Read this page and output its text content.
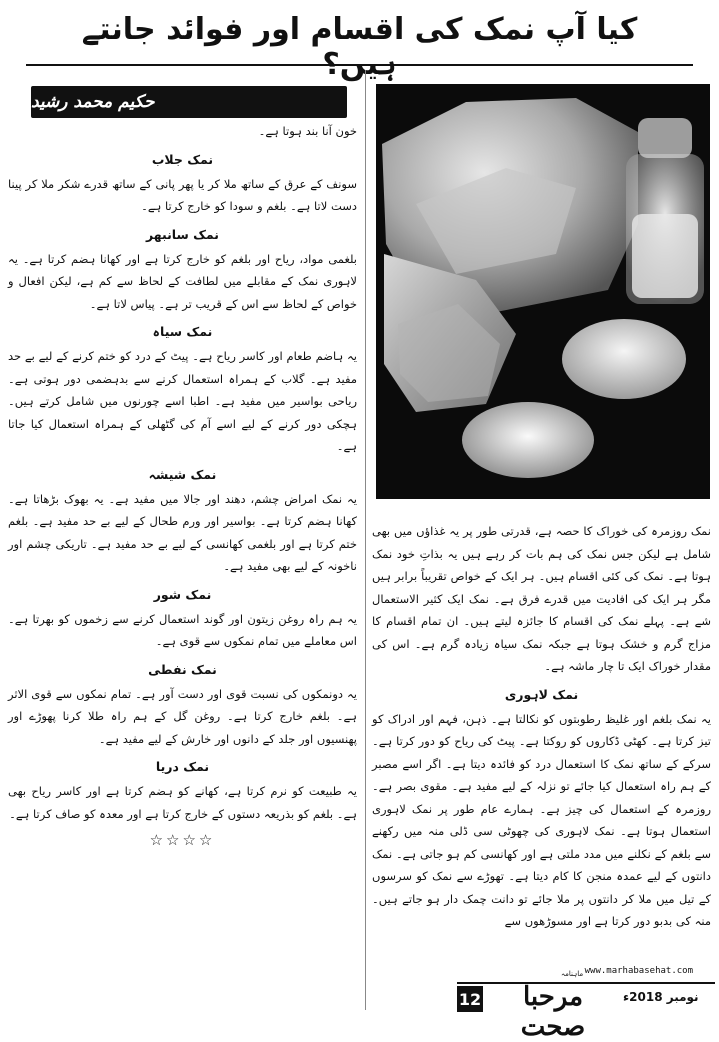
کیا آپ نمک کی اقسام اور فوائد جانتے ہیں؟
حکیم محمد رشید

خون آنا بند ہوتا ہے۔

نمک جلاب

سونف کے عرق کے ساتھ ملا کر یا پھر پانی کے ساتھ قدرے شکر ملا کر پینا دست لاتا ہے۔ بلغم و سودا کو خارج کرتا ہے۔

نمک سانبھر

بلغمی مواد، ریاح اور بلغم کو خارج کرتا ہے اور کھانا ہضم کرتا ہے۔ یہ لاہوری نمک کے مقابلے میں لطافت کے لحاظ سے کم ہے، لیکن افعال و خواص کے لحاظ سے اس کے قریب تر ہے۔ پیاس لاتا ہے۔

نمک سیاہ

یہ ہاضم طعام اور کاسر ریاح ہے۔ پیٹ کے درد کو ختم کرنے کے لیے بے حد مفید ہے۔ گلاب کے ہمراہ استعمال کرنے سے بدہضمی دور ہوتی ہے۔ ریاحی بواسیر میں مفید ہے۔ اطبا اسے چورنوں میں شامل کرتے ہیں۔ ہچکی دور کرنے کے لیے اسے آم کی گٹھلی کے ہمراہ استعمال کیا جاتا ہے۔

نمک شیشہ

یہ نمک امراض چشم، دھند اور جالا میں مفید ہے۔ یہ بھوک بڑھاتا ہے۔ کھانا ہضم کرتا ہے۔ بواسیر اور ورم طحال کے لیے بے حد مفید ہے۔ بلغم ختم کرتا ہے اور بلغمی کھانسی کے لیے بے حد مفید ہے۔ تاریکی چشم اور ناخونہ کے لیے بھی مفید ہے۔

نمک شور

یہ ہم راہ روغن زیتون اور گوند استعمال کرنے سے زخموں کو بھرتا ہے۔ اس معاملے میں تمام نمکوں سے قوی ہے۔

نمک نفطی

یہ دونمکوں کی نسبت قوی اور دست آور ہے۔ تمام نمکوں سے قوی الاثر ہے۔ بلغم خارج کرتا ہے۔ روغن گل کے ہم راہ طلا کرنا پھوڑے اور پھنسیوں اور جلد کے دانوں اور خارش کے لیے مفید ہے۔

نمک دریا

یہ طبیعت کو نرم کرتا ہے، کھانے کو ہضم کرتا ہے اور کاسر ریاح بھی ہے۔ بلغم کو بذریعہ دستوں کے خارج کرتا ہے اور معدہ کو صاف کرتا ہے۔

☆☆☆☆

نمک روزمرہ کی خوراک کا حصہ ہے، قدرتی طور پر یہ غذاؤں میں بھی شامل ہے لیکن جس نمک کی ہم بات کر رہے ہیں یہ بذاتِ خود نمک ہوتا ہے۔ نمک کی کئی اقسام ہیں۔ ہر ایک کے خواص تقریباً برابر ہیں مگر ہر ایک کی افادیت میں قدرے فرق ہے۔ نمک ایک کثیر الاستعمال شے ہے۔ پہلے نمک کی اقسام کا جائزہ لیتے ہیں۔ ان تمام اقسام کا مزاج گرم و خشک ہوتا ہے جبکہ نمک سیاہ زیادہ گرم ہے۔ اس کی مقدار خوراک ایک تا چار ماشہ ہے۔

نمک لاہوری

یہ نمک بلغم اور غلیظ رطوبتوں کو نکالتا ہے۔ ذہن، فہم اور ادراک کو تیز کرتا ہے۔ کھٹی ڈکاروں کو روکتا ہے۔ پیٹ کی ریاح کو دور کرتا ہے۔ سرکے کے ساتھ نمک کا استعمال درد کو فائدہ دیتا ہے۔ اگر اسے مصبر کے ہم راہ استعمال کیا جائے تو نزلہ کے لیے مفید ہے۔ مقوی بصر ہے۔ روزمرہ کے استعمال کی چیز ہے۔ ہمارے عام طور پر نمک لاہوری استعمال ہوتا ہے۔ نمک لاہوری کی چھوٹی سی ڈلی منہ میں رکھنے سے بلغم کے نکلنے میں مدد ملتی ہے اور کھانسی کم ہو جاتی ہے۔ نمک دانتوں کے لیے عمدہ منجن کا کام دیتا ہے۔ تھوڑے سے نمک کو سرسوں کے تیل میں ملا کر دانتوں پر ملا جائے تو دانت چمک دار ہو جاتے ہیں۔ منہ کی بدبو دور کرتا ہے اور مسوڑھوں سے

www.marhabasehat.com
12	مرحبا صحت
ماہنامہ
نومبر 2018ء
